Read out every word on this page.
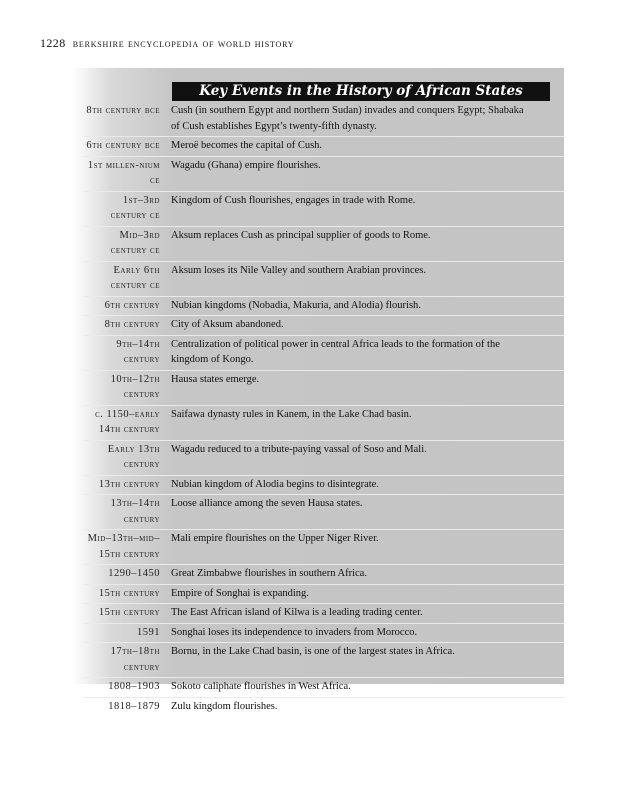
1228 berkshire encyclopedia of world history
Key Events in the History of African States
8th century bce Cush (in southern Egypt and northern Sudan) invades and conquers Egypt; Shabaka of Cush establishes Egypt’s twenty-fifth dynasty.
6th century bce Meroë becomes the capital of Cush.
1st millen-nium ce
Wagadu (Ghana) empire flourishes.
1st–3rd century ce
Kingdom of Cush flourishes, engages in trade with Rome.
Mid–3rd century ce
Aksum replaces Cush as principal supplier of goods to Rome.
Early 6th century ce
Aksum loses its Nile Valley and southern Arabian provinces.
6th century Nubian kingdoms (Nobadia, Makuria, and Alodia) flourish.
8th century City of Aksum abandoned.
9th–14th century
Centralization of political power in central Africa leads to the formation of the kingdom of Kongo.
10th–12th century
Hausa states emerge.
c. 1150–early 14th century
Saifawa dynasty rules in Kanem, in the Lake Chad basin.
Early 13th century
Wagadu reduced to a tribute-paying vassal of Soso and Mali.
13th century Nubian kingdom of Alodia begins to disintegrate.
13th–14th century
Loose alliance among the seven Hausa states.
Mid–13th–mid–15th century
Mali empire flourishes on the Upper Niger River.
1290–1450 Great Zimbabwe flourishes in southern Africa.
15th century Empire of Songhai is expanding.
15th century The East African island of Kilwa is a leading trading center.
1591 Songhai loses its independence to invaders from Morocco.
17th–18th century
Bornu, in the Lake Chad basin, is one of the largest states in Africa.
1808–1903 Sokoto caliphate flourishes in West Africa.
1818–1879 Zulu kingdom flourishes.
